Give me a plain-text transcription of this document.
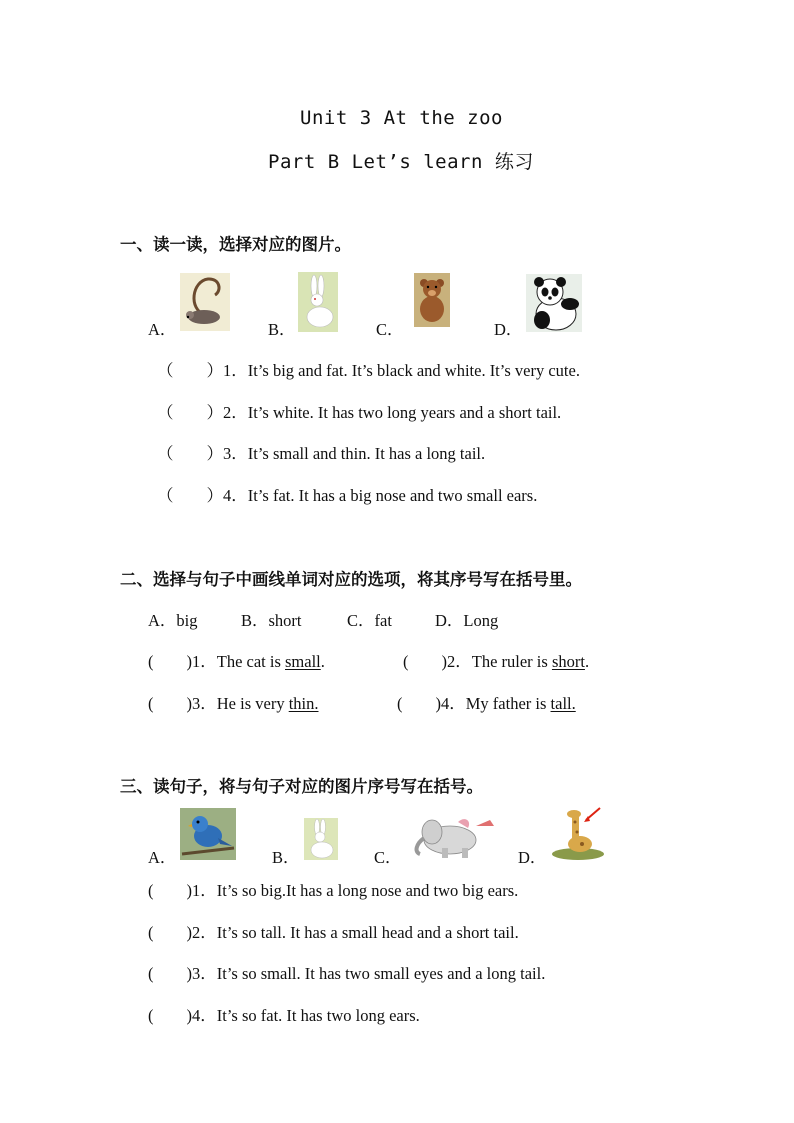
Unit 3 At the zoo
Part B Let’s learn 练习
一、读一读，选择对应的图片。
A．	B．	C．	D．
（　　）1．It’s big and fat. It’s black and white. It’s very cute.
（　　）2．It’s white. It has two long years and a short tail.
（　　）3．It’s small and thin. It has a long tail.
（　　）4．It’s fat. It has a big nose and two small ears.
二、选择与句子中画线单词对应的选项，将其序号写在括号里。
A．big	B．short	C．fat	D．Long
(　　)1．The cat is small.	(　　)2．The ruler is short.
(　　)3．He is very thin.	(　　)4．My father is tall.
三、读句子，将与句子对应的图片序号写在括号。
A．	B．	C．	D．
(　　)1．It’s so big.It has a long nose and two big ears.
(　　)2．It’s so tall. It has a small head and a short tail.
(　　)3．It’s so small. It has two small eyes and a long tail.
(　　)4．It’s so fat. It has two long ears.
